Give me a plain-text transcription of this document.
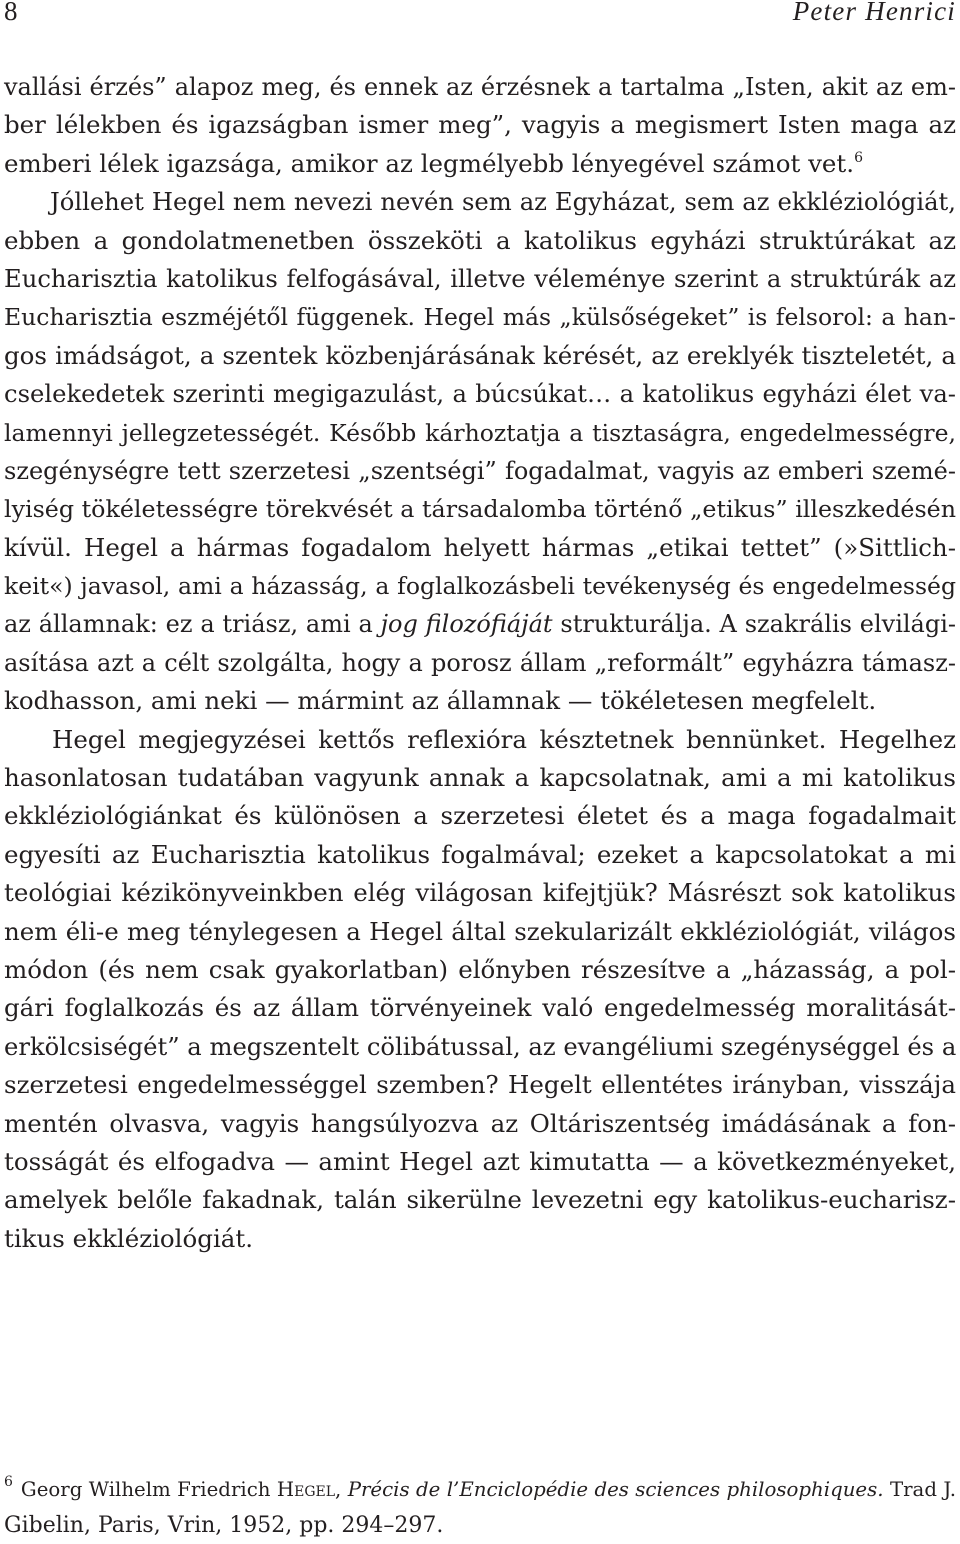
8	Peter Henrici
vallási érzés” alapoz meg, és ennek az érzésnek a tartalma „Isten, akit az em-
ber lélekben és igazságban ismer meg”, vagyis a megismert Isten maga az
emberi lélek igazsága, amikor az legmélyebb lényegével számot vet.$^6$
Jóllehet Hegel nem nevezi nevén sem az Egyházat, sem az ekkléziológiát,
ebben a gondolatmenetben összeköti a katolikus egyházi struktúrákat az
Eucharisztia katolikus felfogásával, illetve véleménye szerint a struktúrák az
Eucharisztia eszméjétől függenek. Hegel más „külsőségeket” is felsorol: a han-
gos imádságot, a szentek közbenjárásának kérését, az ereklyék tiszteletét, a
cselekedetek szerinti megigazulást, a búcsúkat… a katolikus egyházi élet va-
lamennyi jellegzetességét. Később kárhoztatja a tisztaságra, engedelmességre,
szegénységre tett szerzetesi „szentségi” fogadalmat, vagyis az emberi szemé-
lyiség tökéletességre törekvését a társadalomba történő „etikus” illeszkedésén
kívül. Hegel a hármas fogadalom helyett hármas „etikai tettet” (»Sittlich-
keit«) javasol, ami a házasság, a foglalkozásbeli tevékenység és engedelmesség
az államnak: ez a triász, ami a jog filozófiáját strukturálja. A szakrális elvilági-
asítása azt a célt szolgálta, hogy a porosz állam „reformált” egyházra támasz-
kodhasson, ami neki — mármint az államnak — tökéletesen megfelelt.
Hegel megjegyzései kettős reflexióra késztetnek bennünket. Hegelhez
hasonlatosan tudatában vagyunk annak a kapcsolatnak, ami a mi katolikus
ekkléziológiánkat és különösen a szerzetesi életet és a maga fogadalmait
egyesíti az Eucharisztia katolikus fogalmával; ezeket a kapcsolatokat a mi
teológiai kézikönyveinkben elég világosan kifejtjük? Másrészt sok katolikus
nem éli-e meg ténylegesen a Hegel által szekularizált ekkléziológiát, világos
módon (és nem csak gyakorlatban) előnyben részesítve a „házasság, a pol-
gári foglalkozás és az állam törvényeinek való engedelmesség moralitását-
erkölcsiségét” a megszentelt cölibátussal, az evangéliumi szegénységgel és a
szerzetesi engedelmességgel szemben? Hegelt ellentétes irányban, visszája
mentén olvasva, vagyis hangsúlyozva az Oltáriszentség imádásának a fon-
tosságát és elfogadva — amint Hegel azt kimutatta — a következményeket,
amelyek belőle fakadnak, talán sikerülne levezetni egy katolikus-eucharisz-
tikus ekkléziológiát.
$^6$ Georg Wilhelm Friedrich Hegel, Précis de l’Enciclopédie des sciences philosophiques. Trad J.
Gibelin, Paris, Vrin, 1952, pp. 294–297.
